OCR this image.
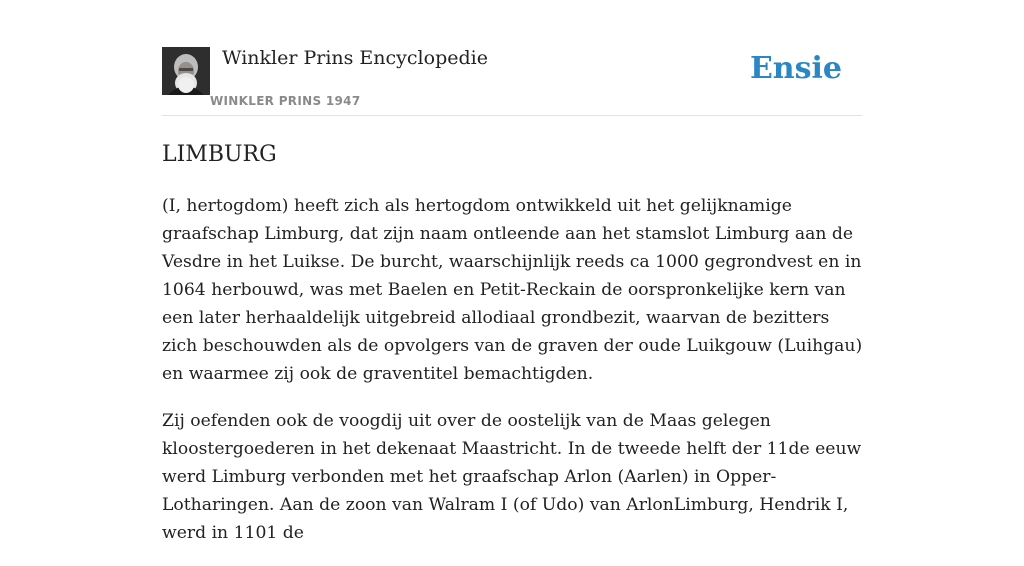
Winkler Prins Encyclopedie
WINKLER PRINS 1947
Ensie
LIMBURG

(I, hertogdom) heeft zich als hertogdom ontwikkeld uit het gelijknamige graafschap Limburg, dat zijn naam ontleende aan het stamslot Limburg aan de Vesdre in het Luikse. De burcht, waarschijnlijk reeds ca 1000 gegrondvest en in 1064 herbouwd, was met Baelen en Petit-Reckain de oorspronkelijke kern van een later herhaaldelijk uitgebreid allodiaal grondbezit, waarvan de bezitters zich beschouwden als de opvolgers van de graven der oude Luikgouw (Luihgau) en waarmee zij ook de graventitel bemachtigden.

Zij oefenden ook de voogdij uit over de oostelijk van de Maas gelegen kloostergoederen in het dekenaat Maastricht. In de tweede helft der 11de eeuw werd Limburg verbonden met het graafschap Arlon (Aarlen) in Opper-Lotharingen. Aan de zoon van Walram I (of Udo) van ArlonLimburg, Hendrik I, werd in 1101 de
